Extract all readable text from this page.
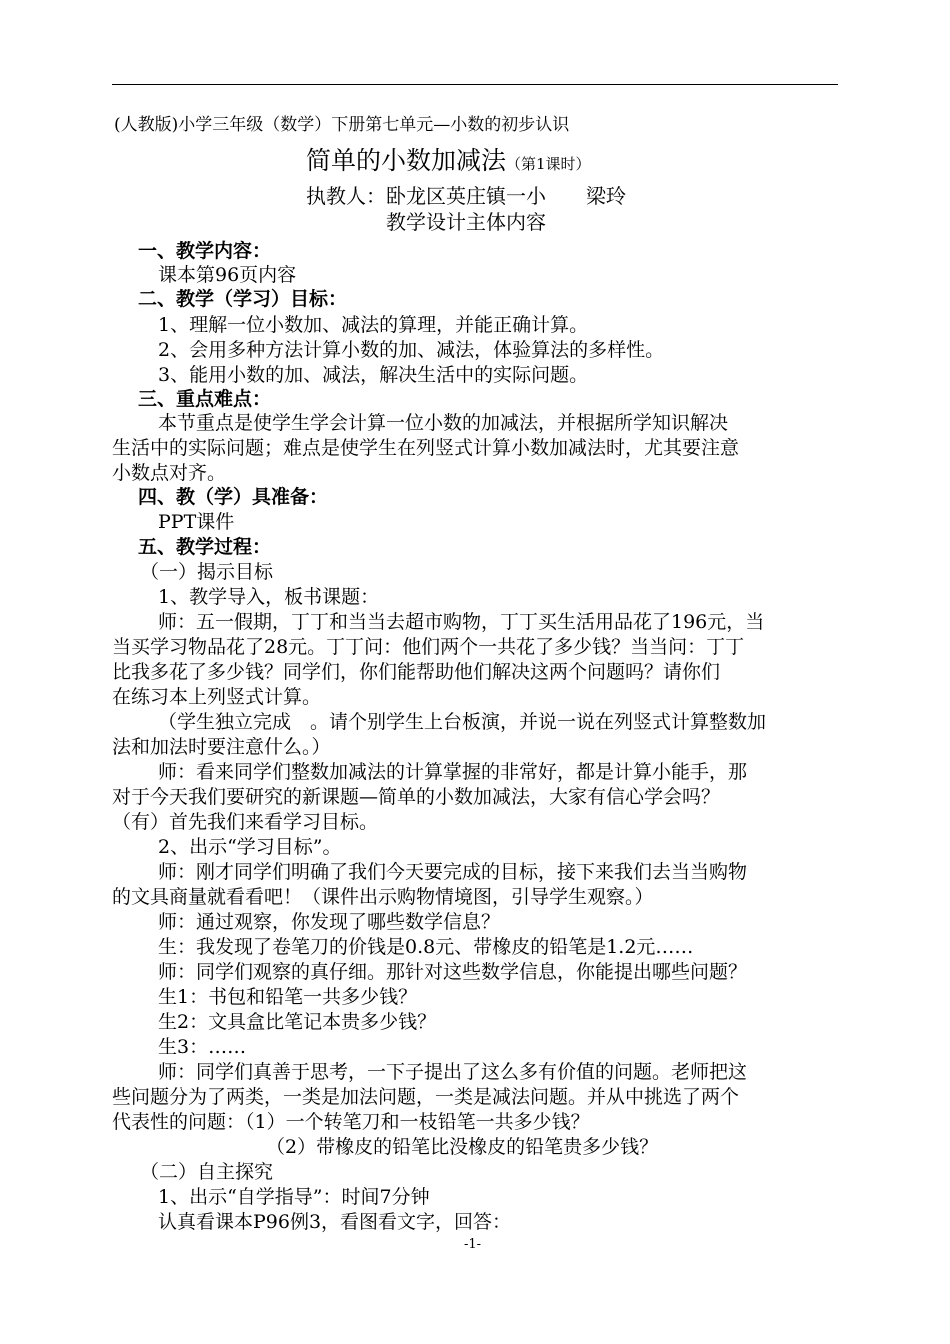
(人教版)小学三年级（数学）下册第七单元—小数的初步认识
简单的小数加减法（第1课时）
执教人：卧龙区英庄镇一小　　梁玲
教学设计主体内容
一、教学内容：
课本第96页内容
二、教学（学习）目标：
1、理解一位小数加、减法的算理，并能正确计算。
2、会用多种方法计算小数的加、减法，体验算法的多样性。
3、能用小数的加、减法，解决生活中的实际问题。
三、重点难点：
本节重点是使学生学会计算一位小数的加减法，并根据所学知识解决
生活中的实际问题；难点是使学生在列竖式计算小数加减法时，尤其要注意
小数点对齐。
四、教（学）具准备：
PPT课件
五、教学过程：
（一）揭示目标
1、教学导入，板书课题：
师：五一假期，丁丁和当当去超市购物，丁丁买生活用品花了196元，当
当买学习物品花了28元。丁丁问：他们两个一共花了多少钱？当当问：丁丁
比我多花了多少钱？同学们，你们能帮助他们解决这两个问题吗？请你们
在练习本上列竖式计算。
（学生独立完成　。请个别学生上台板演，并说一说在列竖式计算整数加
法和加法时要注意什么。）
师：看来同学们整数加减法的计算掌握的非常好，都是计算小能手，那
对于今天我们要研究的新课题—简单的小数加减法，大家有信心学会吗？
（有）首先我们来看学习目标。
2、出示“学习目标”。
师：刚才同学们明确了我们今天要完成的目标，接下来我们去当当购物
的文具商量就看看吧！（课件出示购物情境图，引导学生观察。）
师：通过观察，你发现了哪些数学信息？
生：我发现了卷笔刀的价钱是0.8元、带橡皮的铅笔是1.2元……
师：同学们观察的真仔细。那针对这些数学信息，你能提出哪些问题？
生1：书包和铅笔一共多少钱？
生2：文具盒比笔记本贵多少钱？
生3：……
师：同学们真善于思考，一下子提出了这么多有价值的问题。老师把这
些问题分为了两类，一类是加法问题，一类是减法问题。并从中挑选了两个
代表性的问题：（1）一个转笔刀和一枝铅笔一共多少钱？
（2）带橡皮的铅笔比没橡皮的铅笔贵多少钱？
（二）自主探究
1、出示“自学指导”：时间7分钟
认真看课本P96例3，看图看文字，回答：
-1-
